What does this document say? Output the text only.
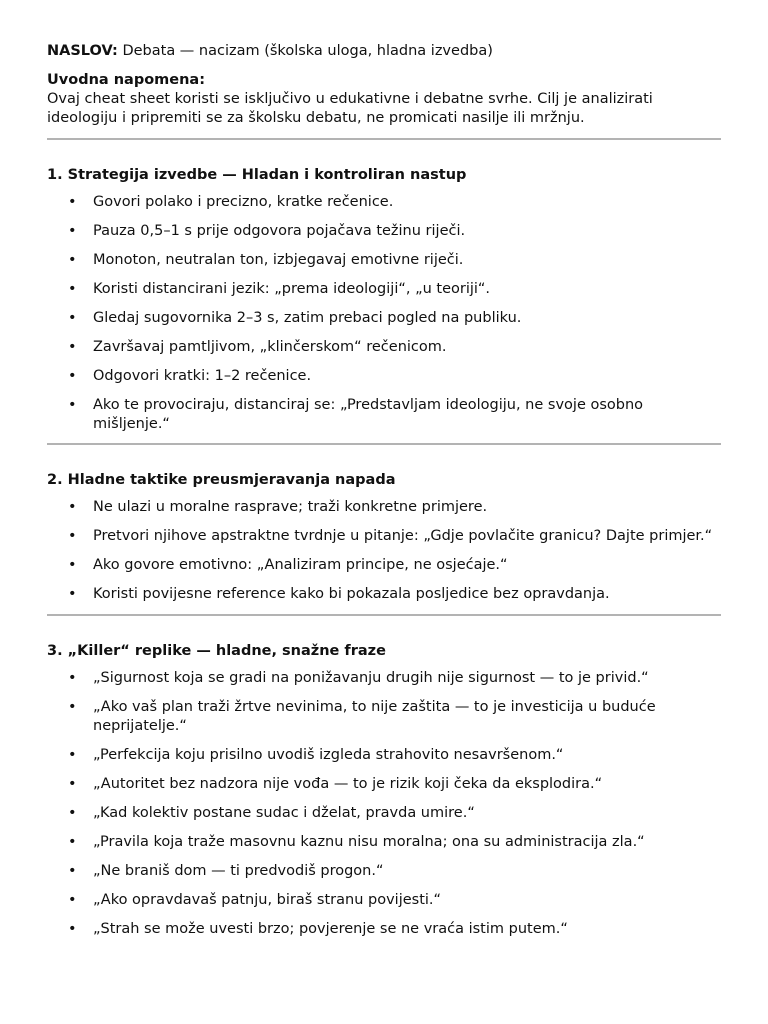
NASLOV: Debata — nacizam (školska uloga, hladna izvedba)

Uvodna napomena:

Ovaj cheat sheet koristi se isključivo u edukativne i debatne svrhe. Cilj je analizirati ideologiju i pripremiti se za školsku debatu, ne promicati nasilje ili mržnju.

1. Strategija izvedbe — Hladan i kontroliran nastup
• Govori polako i precizno, kratke rečenice.
• Pauza 0,5–1 s prije odgovora pojačava težinu riječi.
• Monoton, neutralan ton, izbjegavaj emotivne riječi.
• Koristi distancirani jezik: „prema ideologiji“, „u teoriji“.
• Gledaj sugovornika 2–3 s, zatim prebaci pogled na publiku.
• Završavaj pamtljivom, „klinčerskom“ rečenicom.
• Odgovori kratki: 1–2 rečenice.
• Ako te provociraju, distanciraj se: „Predstavljam ideologiju, ne svoje osobno mišljenje.“
2. Hladne taktike preusmjeravanja napada
• Ne ulazi u moralne rasprave; traži konkretne primjere.
• Pretvori njihove apstraktne tvrdnje u pitanje: „Gdje povlačite granicu? Dajte primjer.“
• Ako govore emotivno: „Analiziram principe, ne osjećaje.“
• Koristi povijesne reference kako bi pokazala posljedice bez opravdanja.
3. „Killer“ replike — hladne, snažne fraze
• „Sigurnost koja se gradi na ponižavanju drugih nije sigurnost — to je privid.“
• „Ako vaš plan traži žrtve nevinima, to nije zaštita — to je investicija u buduće neprijatelje.“
• „Perfekcija koju prisilno uvodiš izgleda strahovito nesavršenom.“
• „Autoritet bez nadzora nije vođa — to je rizik koji čeka da eksplodira.“
• „Kad kolektiv postane sudac i dželat, pravda umire.“
• „Pravila koja traže masovnu kaznu nisu moralna; ona su administracija zla.“
• „Ne braniš dom — ti predvodiš progon.“
• „Ako opravdavaš patnju, biraš stranu povijesti.“
• „Strah se može uvesti brzo; povjerenje se ne vraća istim putem.“
